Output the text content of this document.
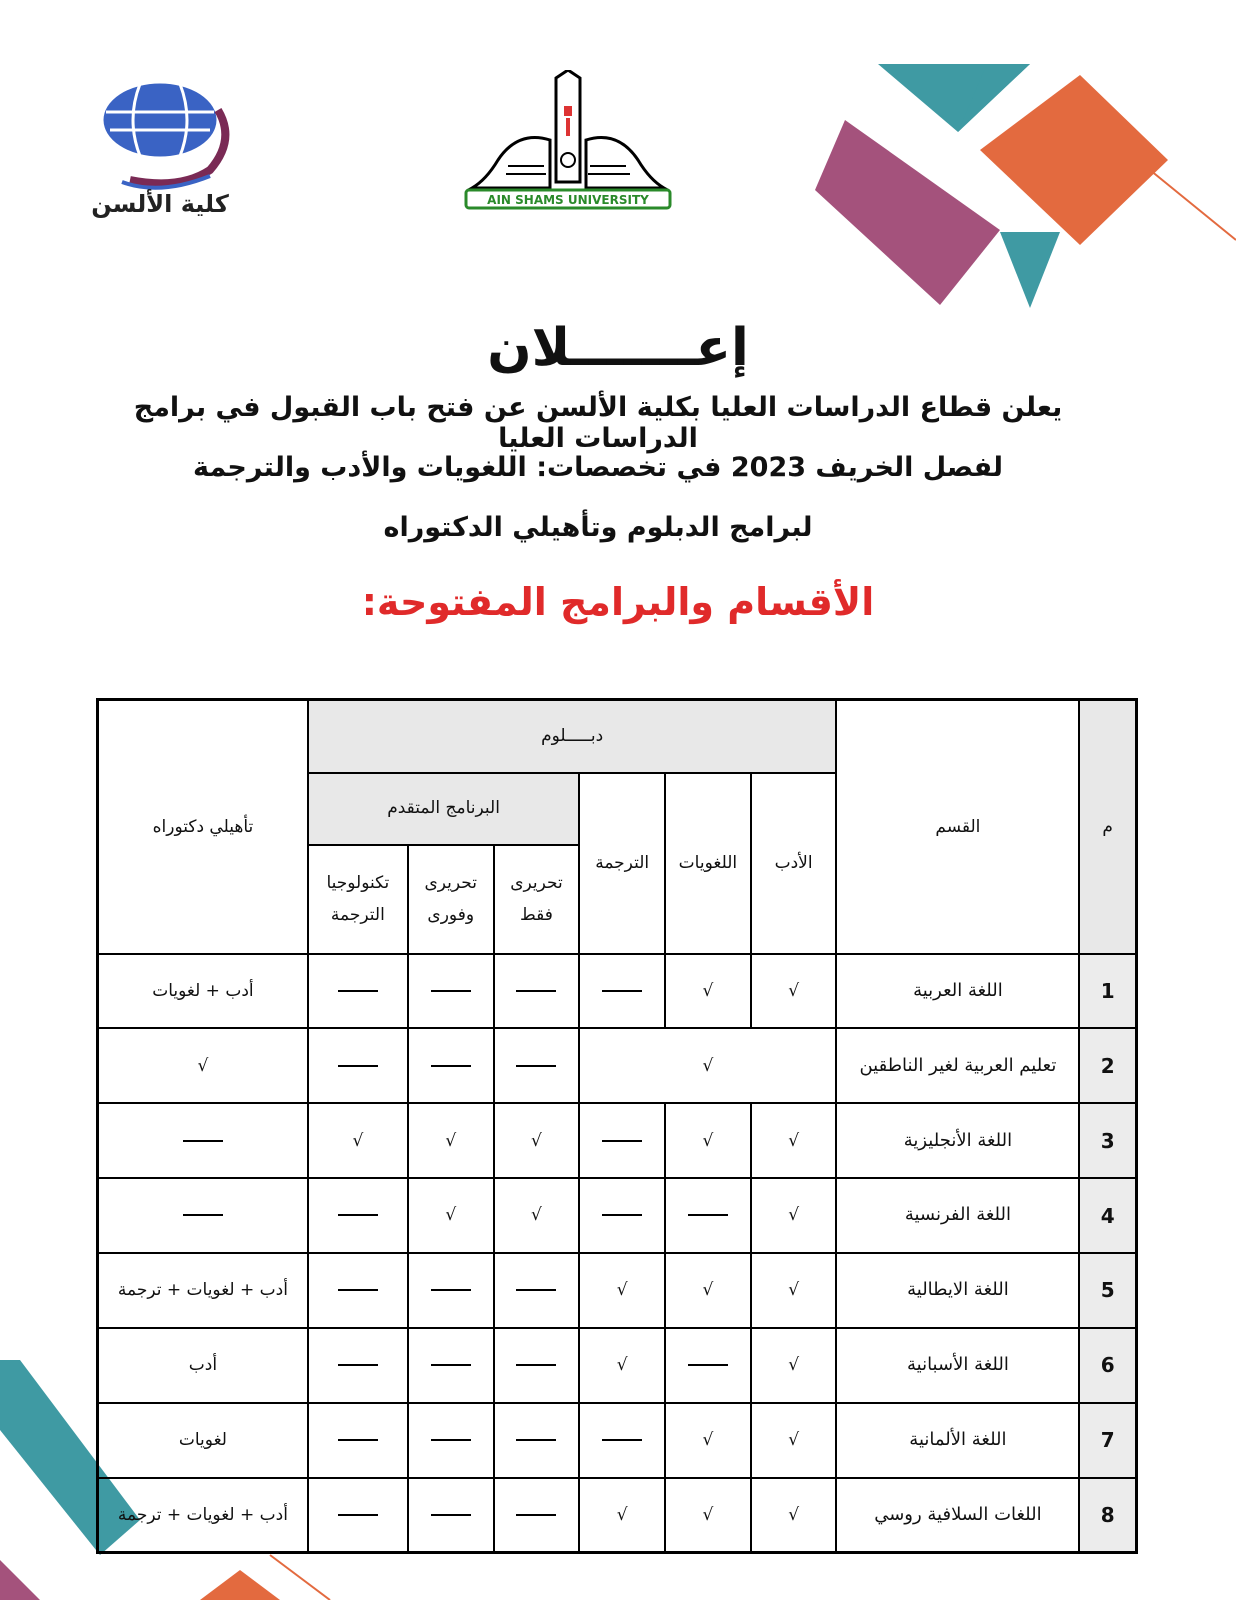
كلية الألسن	AIN SHAMS UNIVERSITY
إعـــــــلان
يعلن قطاع الدراسات العليا بكلية الألسن عن فتح باب القبول في برامج الدراسات العليا
لفصل الخريف 2023 في تخصصات: اللغويات والأدب والترجمة
لبرامج الدبلوم وتأهيلي الدكتوراه
الأقسام والبرامج المفتوحة:
م	القسم	دبـــــلوم						تأهيلي دكتوراه
		الأدب	اللغويات	الترجمة	البرنامج المتقدم			
					تحريرى فقط	تحريرى وفورى	تكنولوجيا الترجمة	
1	اللغة العربية	√	√					أدب + لغويات
2	تعليم العربية لغير الناطقين	√						√
3	اللغة الأنجليزية	√	√		√	√	√	
4	اللغة الفرنسية	√			√	√		
5	اللغة الايطالية	√	√	√				أدب + لغويات + ترجمة
6	اللغة الأسبانية	√		√				أدب
7	اللغة الألمانية	√	√					لغويات
8	اللغات السلافية روسي	√	√	√				أدب + لغويات + ترجمة
